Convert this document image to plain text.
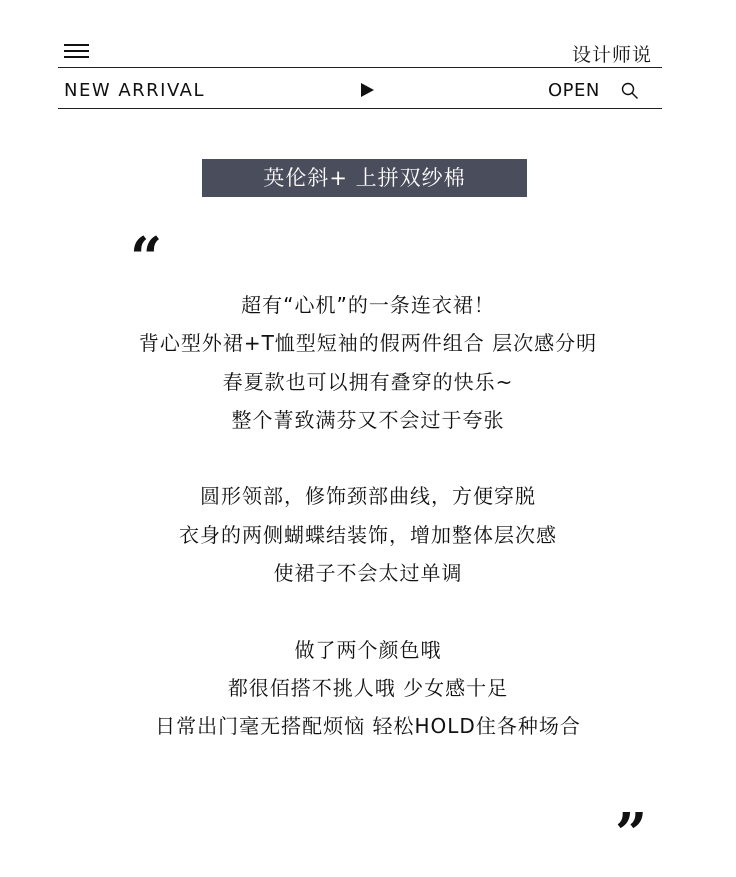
设计师说
NEW ARRIVAL	OPEN
英伦斜+ 上拼双纱棉
“
超有“心机”的一条连衣裙！
背心型外裙+T恤型短袖的假两件组合 层次感分明
春夏款也可以拥有叠穿的快乐~
整个菁致满芬又不会过于夸张
圆形领部，修饰颈部曲线，方便穿脱
衣身的两侧蝴蝶结装饰，增加整体层次感
使裙子不会太过单调
做了两个颜色哦
都很佰搭不挑人哦 少女感十足
日常出门毫无搭配烦恼 轻松HOLD住各种场合
”
